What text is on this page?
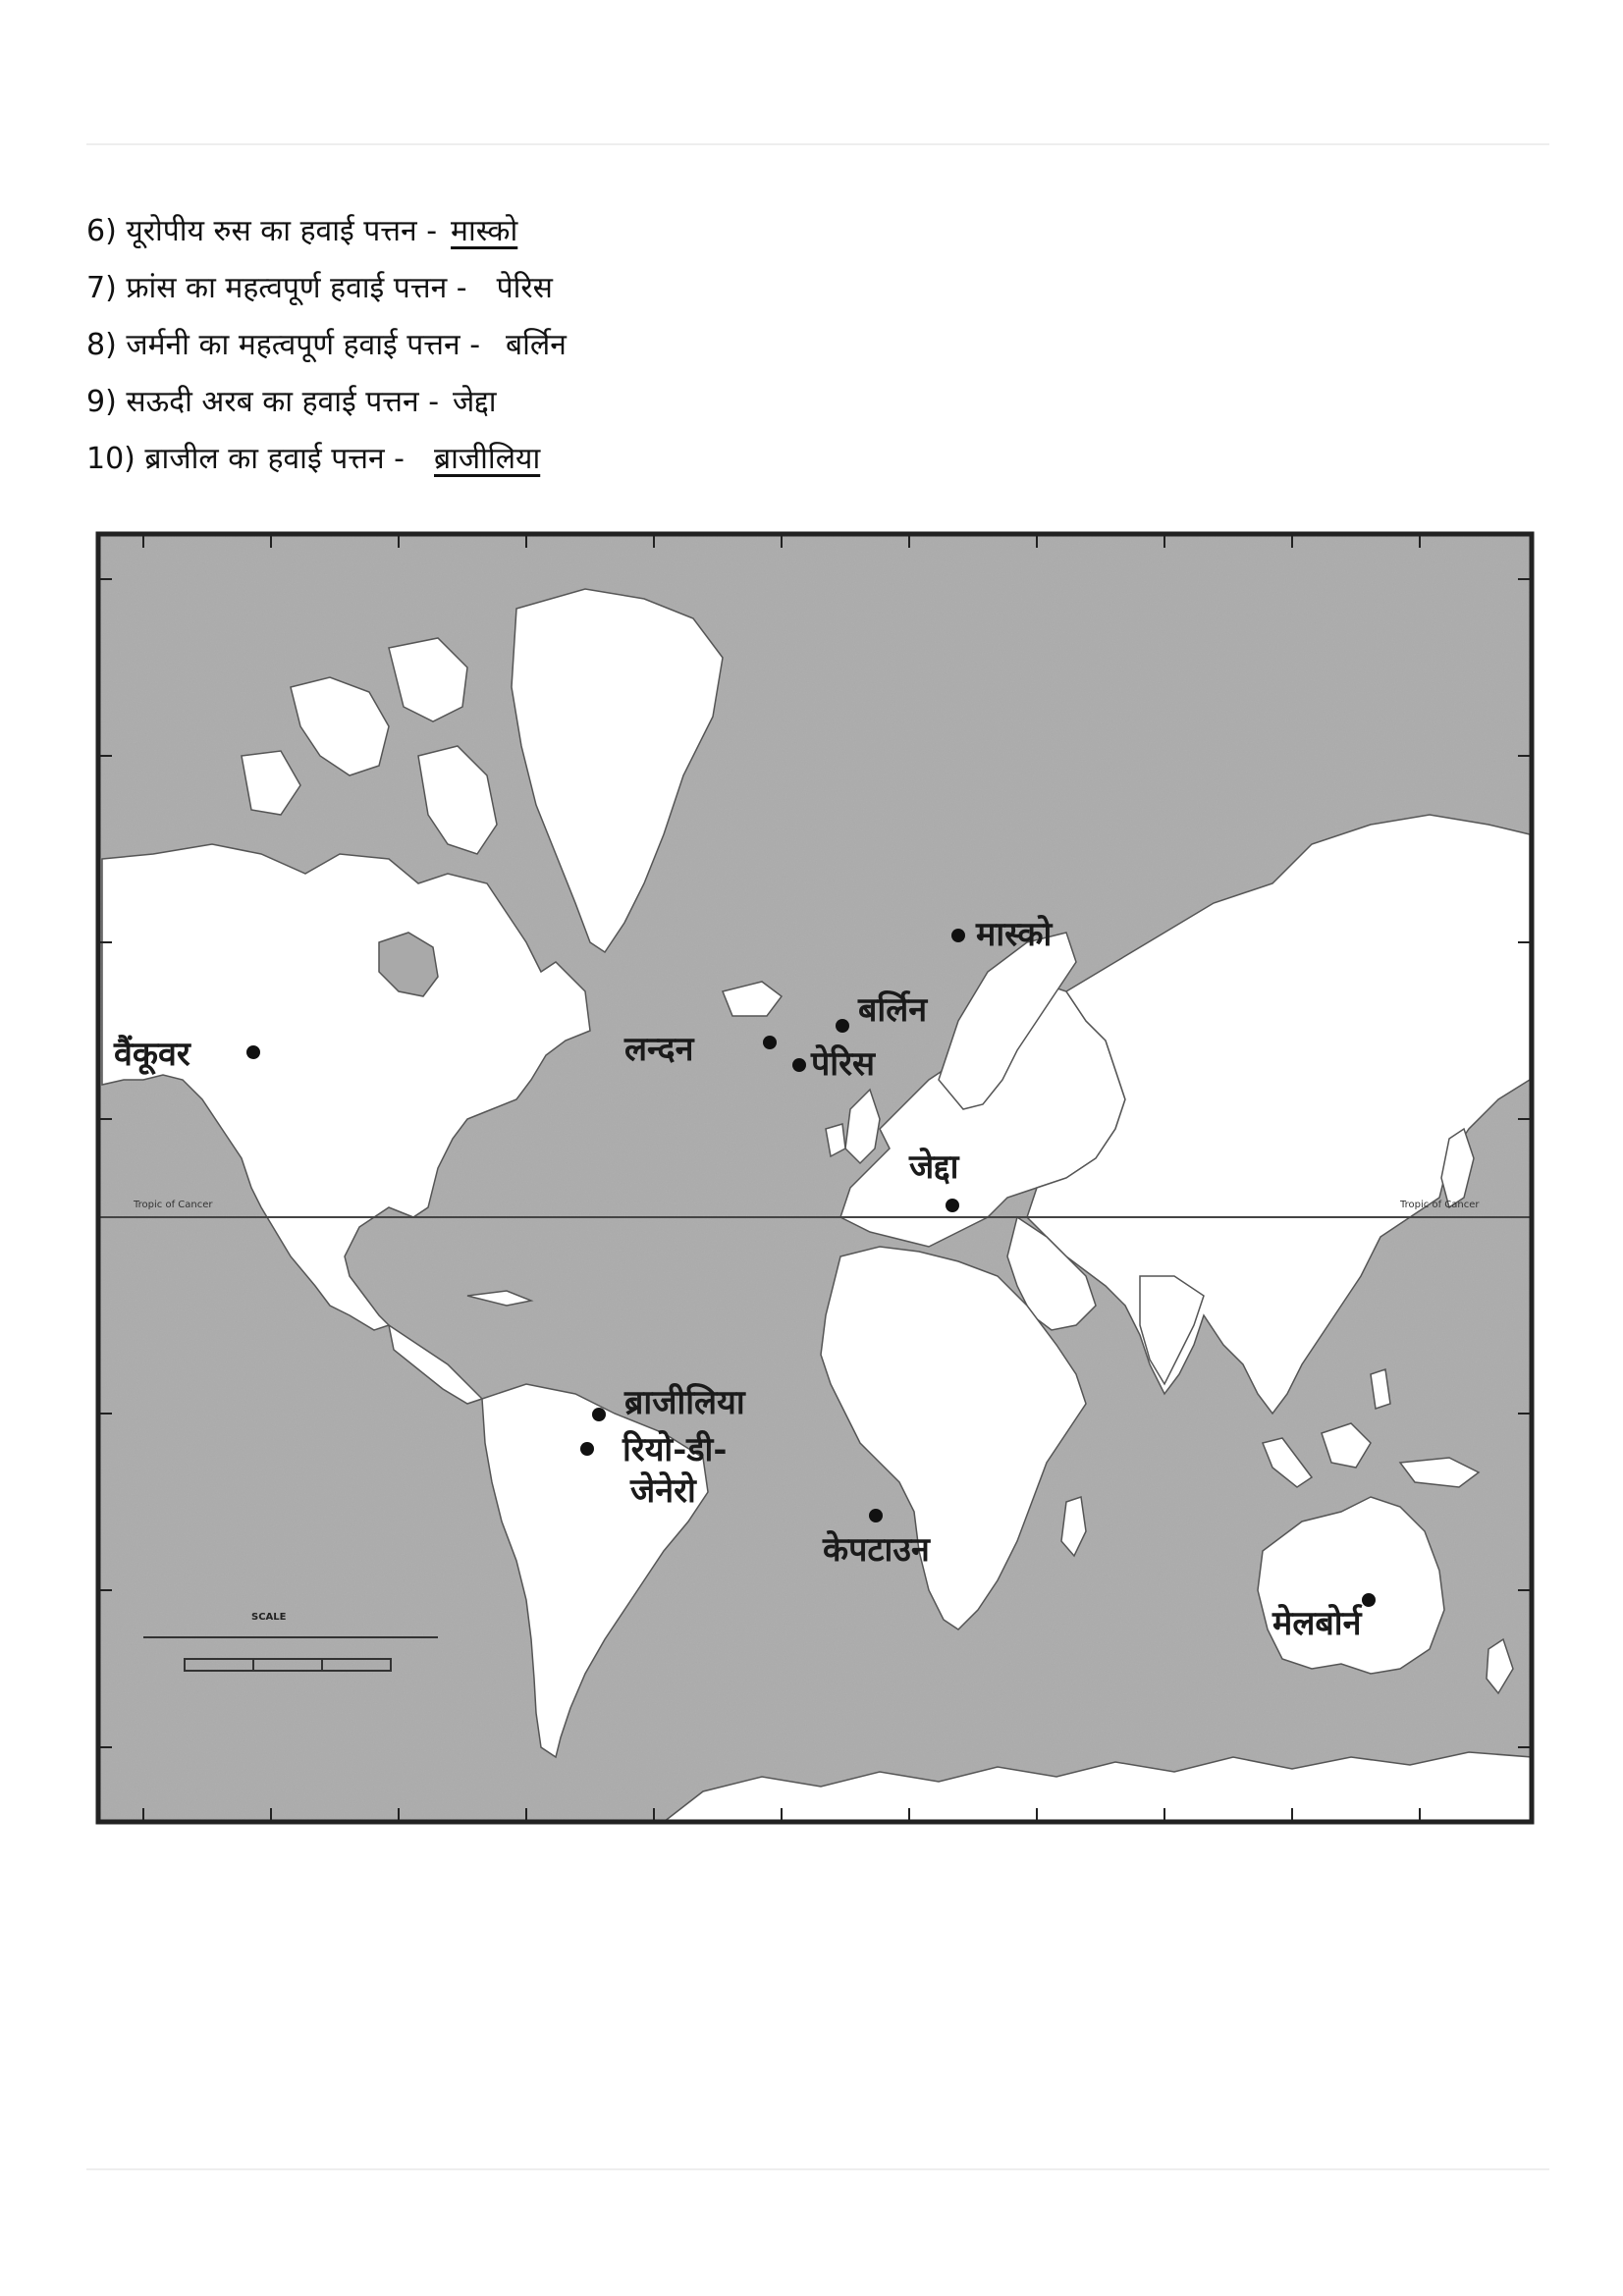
6) यूरोपीय रुस का हवाई पत्तन - मास्को
7) फ्रांस का महत्वपूर्ण हवाई पत्तन - पेरिस
8) जर्मनी का महत्वपूर्ण हवाई पत्तन - बर्लिन
9) सऊदी अरब का हवाई पत्तन - जेद्दा
10) ब्राजील का हवाई पत्तन - ब्राजीलिया
Tropic of Cancer	Tropic of Cancer
SCALE
मास्को
बर्लिन
लन्दन	पेरिस
जेद्दा
वैंकूवर
ब्राजीलिया
रियो-डी-
जेनेरो
केपटाउन
मेलबोर्न
